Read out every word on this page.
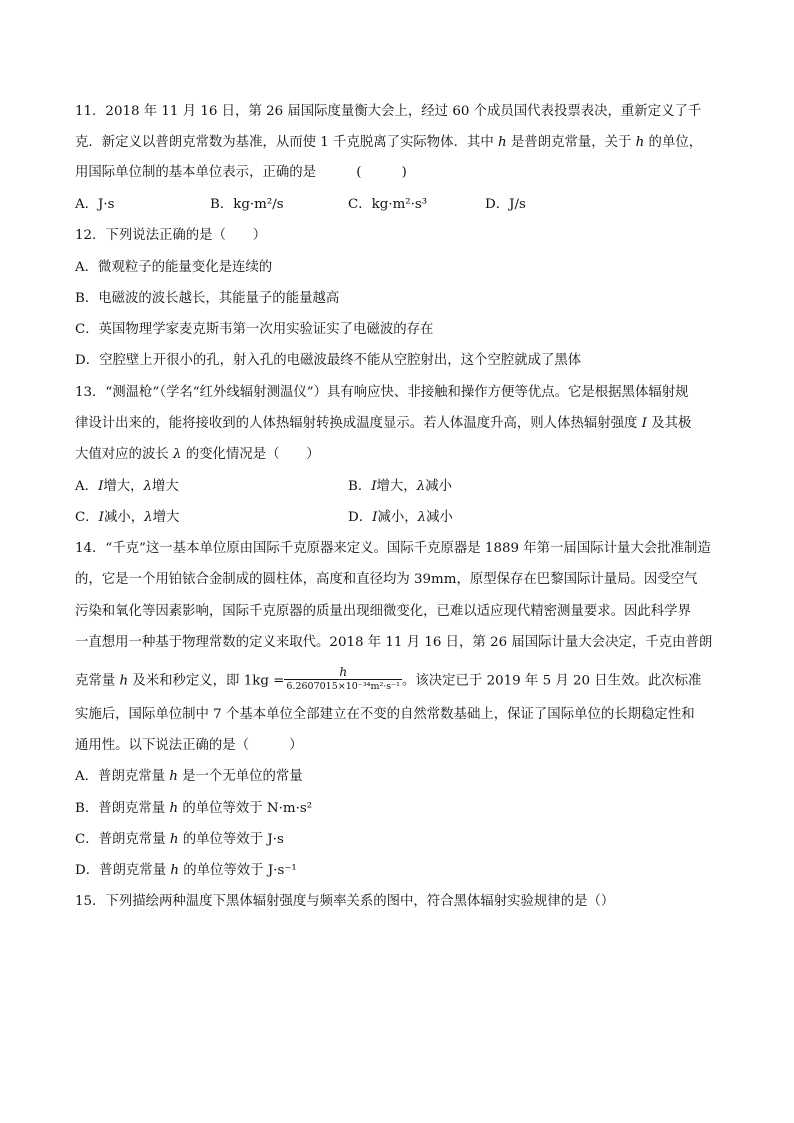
11．2018 年 11 月 16 日，第 26 届国际度量衡大会上，经过 60 个成员国代表投票表决，重新定义了千
克．新定义以普朗克常数为基准，从而使 1 千克脱离了实际物体．其中 h 是普朗克常量，关于 h 的单位，
用国际单位制的基本单位表示，正确的是　　　(　　　)
A．J·s	B．kg·m²/s	C．kg·m²·s³	D．J/s
12．下列说法正确的是（　　）
A．微观粒子的能量变化是连续的
B．电磁波的波长越长，其能量子的能量越高
C．英国物理学家麦克斯韦第一次用实验证实了电磁波的存在
D．空腔壁上开很小的孔，射入孔的电磁波最终不能从空腔射出，这个空腔就成了黑体
13．“测温枪”（学名“红外线辐射测温仪”）具有响应快、非接触和操作方便等优点。它是根据黑体辐射规
律设计出来的，能将接收到的人体热辐射转换成温度显示。若人体温度升高，则人体热辐射强度 I 及其极
大值对应的波长 λ 的变化情况是（　　）
A．I增大，λ增大	B．I增大，λ减小
C．I减小，λ增大	D．I减小，λ减小
14．“千克”这一基本单位原由国际千克原器来定义。国际千克原器是 1889 年第一届国际计量大会批准制造
的，它是一个用铂铱合金制成的圆柱体，高度和直径均为 39mm，原型保存在巴黎国际计量局。因受空气
污染和氧化等因素影响，国际千克原器的质量出现细微变化，已难以适应现代精密测量要求。因此科学界
一直想用一种基于物理常数的定义来取代。2018 年 11 月 16 日，第 26 届国际计量大会决定，千克由普朗
克常量 h 及米和秒定义，即 $1kg = \frac{h}{\text{6.2607015×10⁻³⁴m²·s⁻¹}}$ 。该决定已于 2019 年 5 月 20 日生效。此次标准
实施后，国际单位制中 7 个基本单位全部建立在不变的自然常数基础上，保证了国际单位的长期稳定性和
通用性。以下说法正确的是（　　　）
A．普朗克常量 h 是一个无单位的常量
B．普朗克常量 h 的单位等效于 N·m·s²
C．普朗克常量 h 的单位等效于 J·s
D．普朗克常量 h 的单位等效于 J·s⁻¹
15．下列描绘两种温度下黑体辐射强度与频率关系的图中，符合黑体辐射实验规律的是（）
